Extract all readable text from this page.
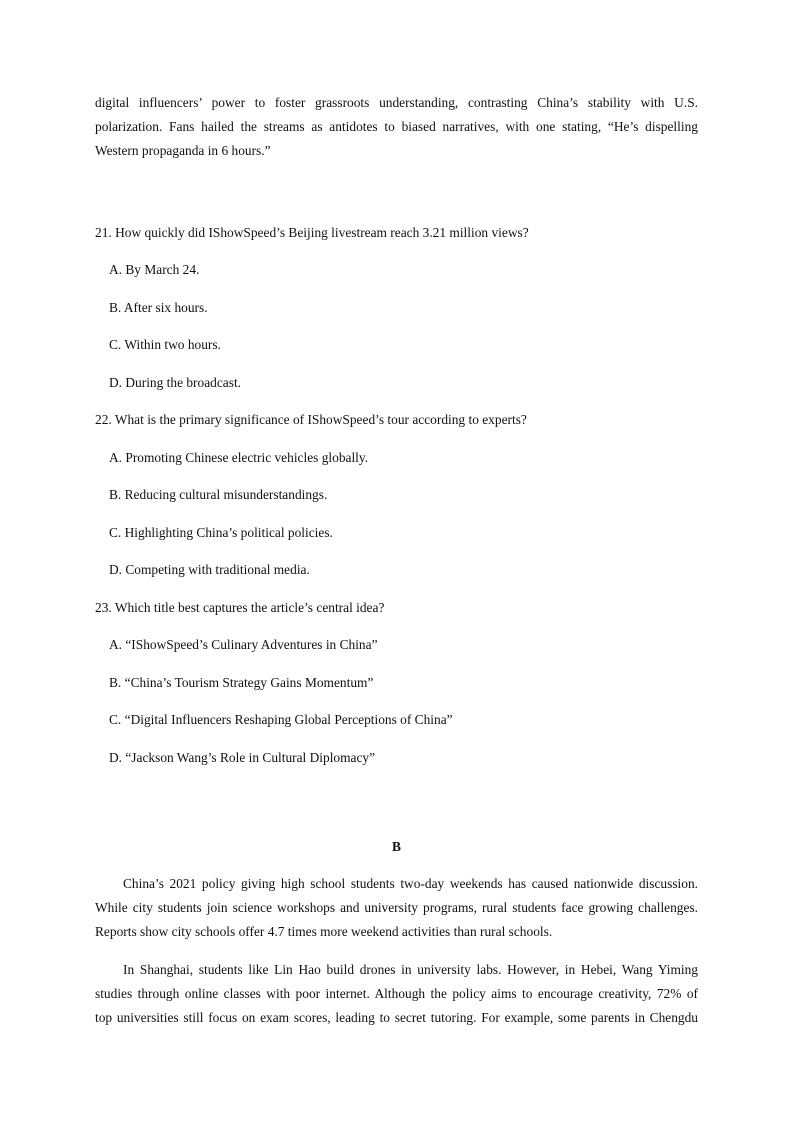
digital influencers’ power to foster grassroots understanding, contrasting China’s stability with U.S.
polarization. Fans hailed the streams as antidotes to biased narratives, with one stating, “He’s dispelling
Western propaganda in 6 hours.”

21. How quickly did IShowSpeed’s Beijing livestream reach 3.21 million views?

A. By March 24.

B. After six hours.

C. Within two hours.

D. During the broadcast.

22. What is the primary significance of IShowSpeed’s tour according to experts?

A. Promoting Chinese electric vehicles globally.

B. Reducing cultural misunderstandings.

C. Highlighting China’s political policies.

D. Competing with traditional media.

23. Which title best captures the article’s central idea?

A. “IShowSpeed’s Culinary Adventures in China”

B. “China’s Tourism Strategy Gains Momentum”

C. “Digital Influencers Reshaping Global Perceptions of China”

D. “Jackson Wang’s Role in Cultural Diplomacy”

B

China’s 2021 policy giving high school students two-day weekends has caused nationwide discussion.
While city students join science workshops and university programs, rural students face growing challenges.
Reports show city schools offer 4.7 times more weekend activities than rural schools.
In Shanghai, students like Lin Hao build drones in university labs. However, in Hebei, Wang Yiming
studies through online classes with poor internet. Although the policy aims to encourage creativity, 72% of
top universities still focus on exam scores, leading to secret tutoring. For example, some parents in Chengdu
